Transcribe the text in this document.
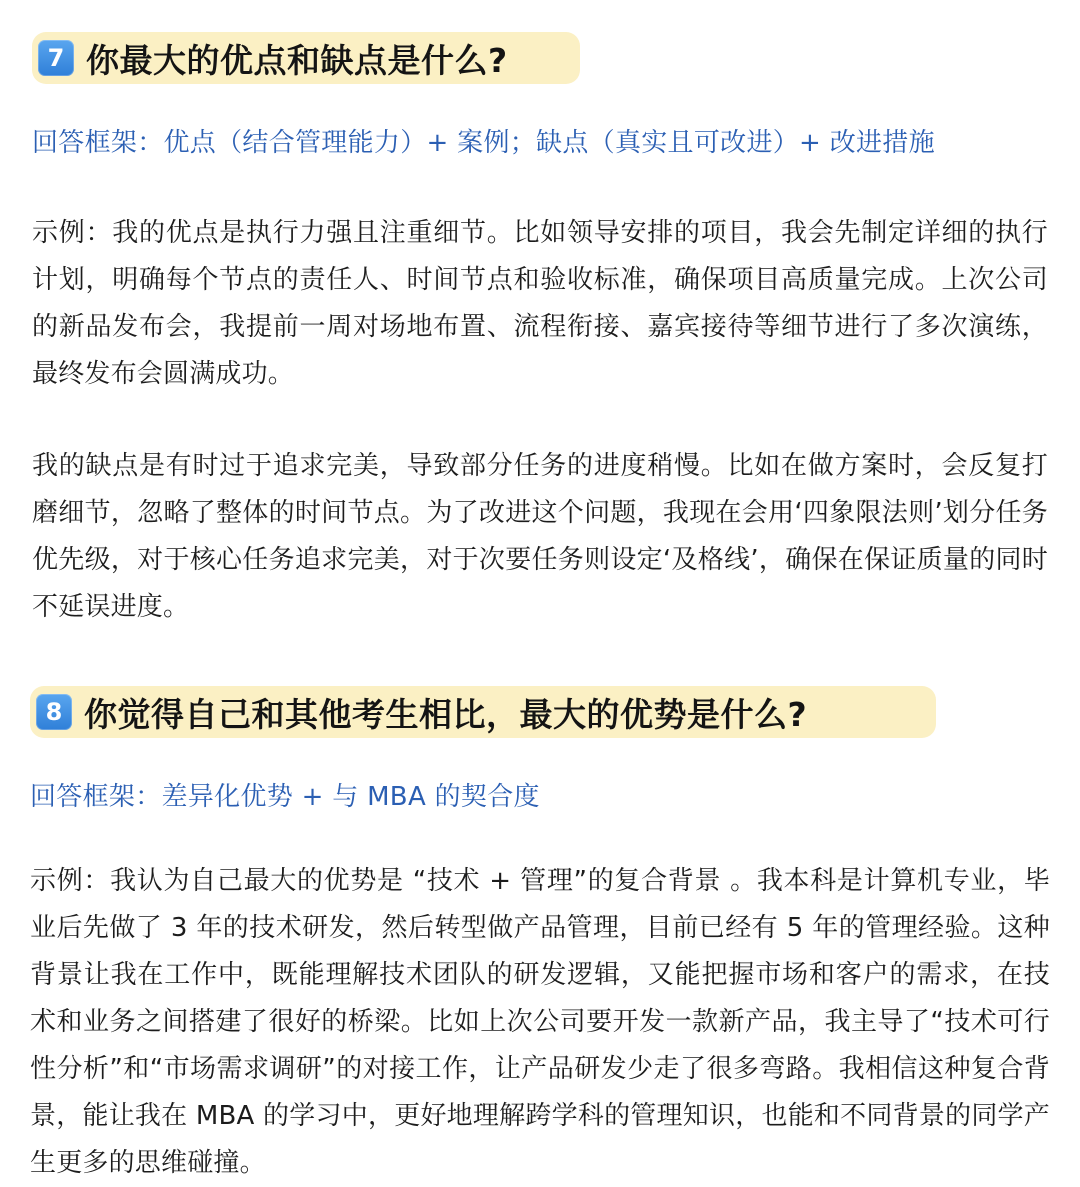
7 你最大的优点和缺点是什么?
回答框架：优点（结合管理能力）+ 案例；缺点（真实且可改进）+ 改进措施

示例：我的优点是执行力强且注重细节。比如领导安排的项目，我会先制定详细的执行计划，明确每个节点的责任人、时间节点和验收标准，确保项目高质量完成。上次公司的新品发布会，我提前一周对场地布置、流程衔接、嘉宾接待等细节进行了多次演练，最终发布会圆满成功。

我的缺点是有时过于追求完美，导致部分任务的进度稍慢。比如在做方案时，会反复打磨细节，忽略了整体的时间节点。为了改进这个问题，我现在会用‘四象限法则’划分任务优先级，对于核心任务追求完美，对于次要任务则设定‘及格线’，确保在保证质量的同时不延误进度。

8 你觉得自己和其他考生相比，最大的优势是什么?
回答框架：差异化优势 + 与 MBA 的契合度

示例：我认为自己最大的优势是 “技术 + 管理”的复合背景 。我本科是计算机专业，毕业后先做了 3 年的技术研发，然后转型做产品管理，目前已经有 5 年的管理经验。这种背景让我在工作中，既能理解技术团队的研发逻辑，又能把握市场和客户的需求，在技术和业务之间搭建了很好的桥梁。比如上次公司要开发一款新产品，我主导了“技术可行性分析”和“市场需求调研”的对接工作，让产品研发少走了很多弯路。我相信这种复合背景，能让我在 MBA 的学习中，更好地理解跨学科的管理知识，也能和不同背景的同学产生更多的思维碰撞。
